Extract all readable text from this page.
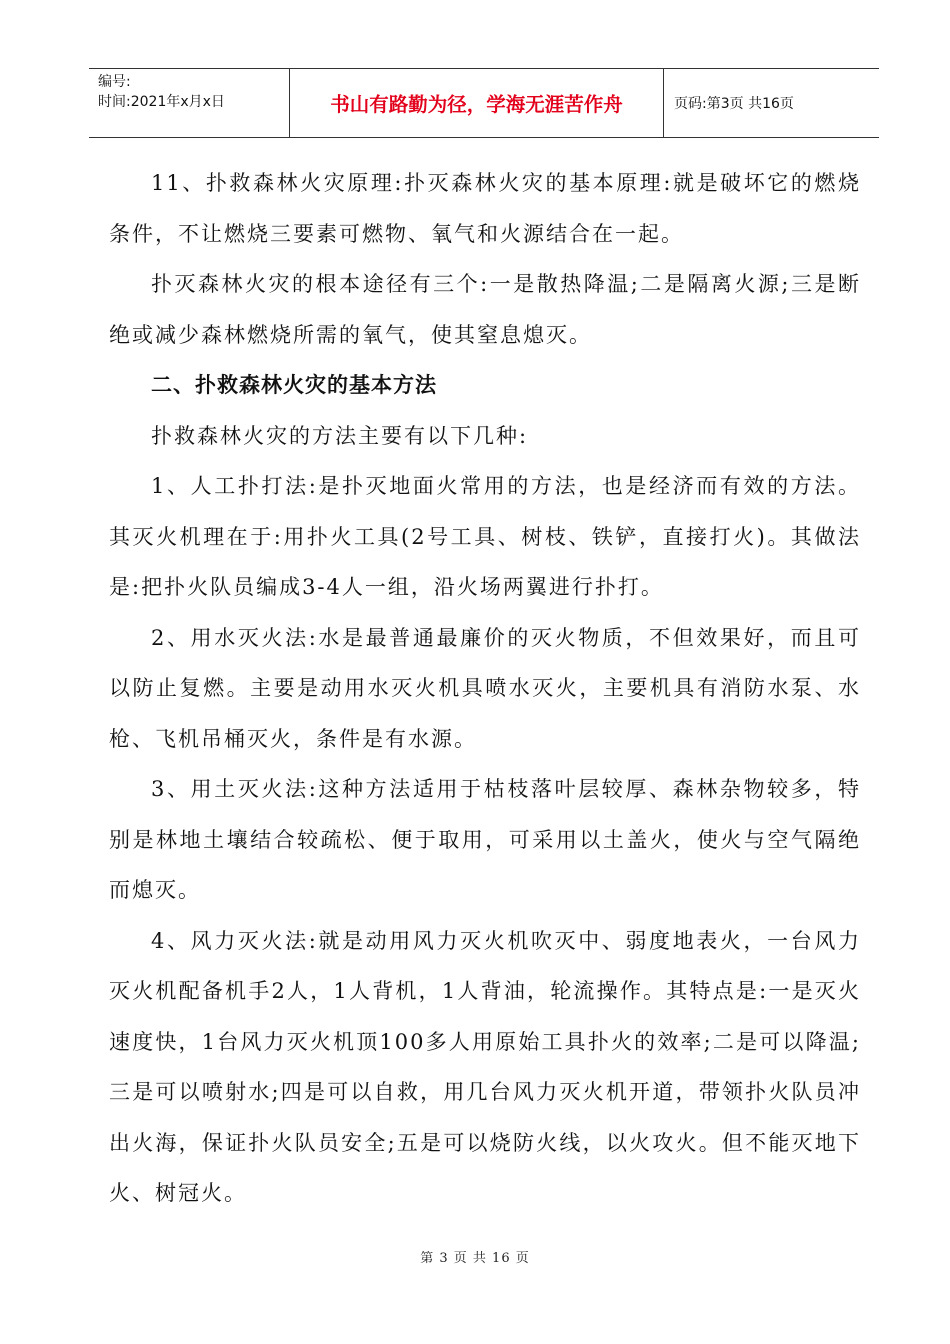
编号:
时间:2021年x月x日	书山有路勤为径，学海无涯苦作舟	页码:第3页 共16页

11、扑救森林火灾原理:扑灭森林火灾的基本原理:就是破坏它的燃烧条件，不让燃烧三要素可燃物、氧气和火源结合在一起。

扑灭森林火灾的根本途径有三个:一是散热降温;二是隔离火源;三是断绝或减少森林燃烧所需的氧气，使其窒息熄灭。

二、扑救森林火灾的基本方法

扑救森林火灾的方法主要有以下几种:

1、人工扑打法:是扑灭地面火常用的方法，也是经济而有效的方法。其灭火机理在于:用扑火工具(2号工具、树枝、铁铲，直接打火)。其做法是:把扑火队员编成3-4人一组，沿火场两翼进行扑打。

2、用水灭火法:水是最普通最廉价的灭火物质，不但效果好，而且可以防止复燃。主要是动用水灭火机具喷水灭火，主要机具有消防水泵、水枪、飞机吊桶灭火，条件是有水源。

3、用土灭火法:这种方法适用于枯枝落叶层较厚、森林杂物较多，特别是林地土壤结合较疏松、便于取用，可采用以土盖火，使火与空气隔绝而熄灭。

4、风力灭火法:就是动用风力灭火机吹灭中、弱度地表火，一台风力灭火机配备机手2人，1人背机，1人背油，轮流操作。其特点是:一是灭火速度快，1台风力灭火机顶100多人用原始工具扑火的效率;二是可以降温;三是可以喷射水;四是可以自救，用几台风力灭火机开道，带领扑火队员冲出火海，保证扑火队员安全;五是可以烧防火线，以火攻火。但不能灭地下火、树冠火。

第 3 页 共 16 页
